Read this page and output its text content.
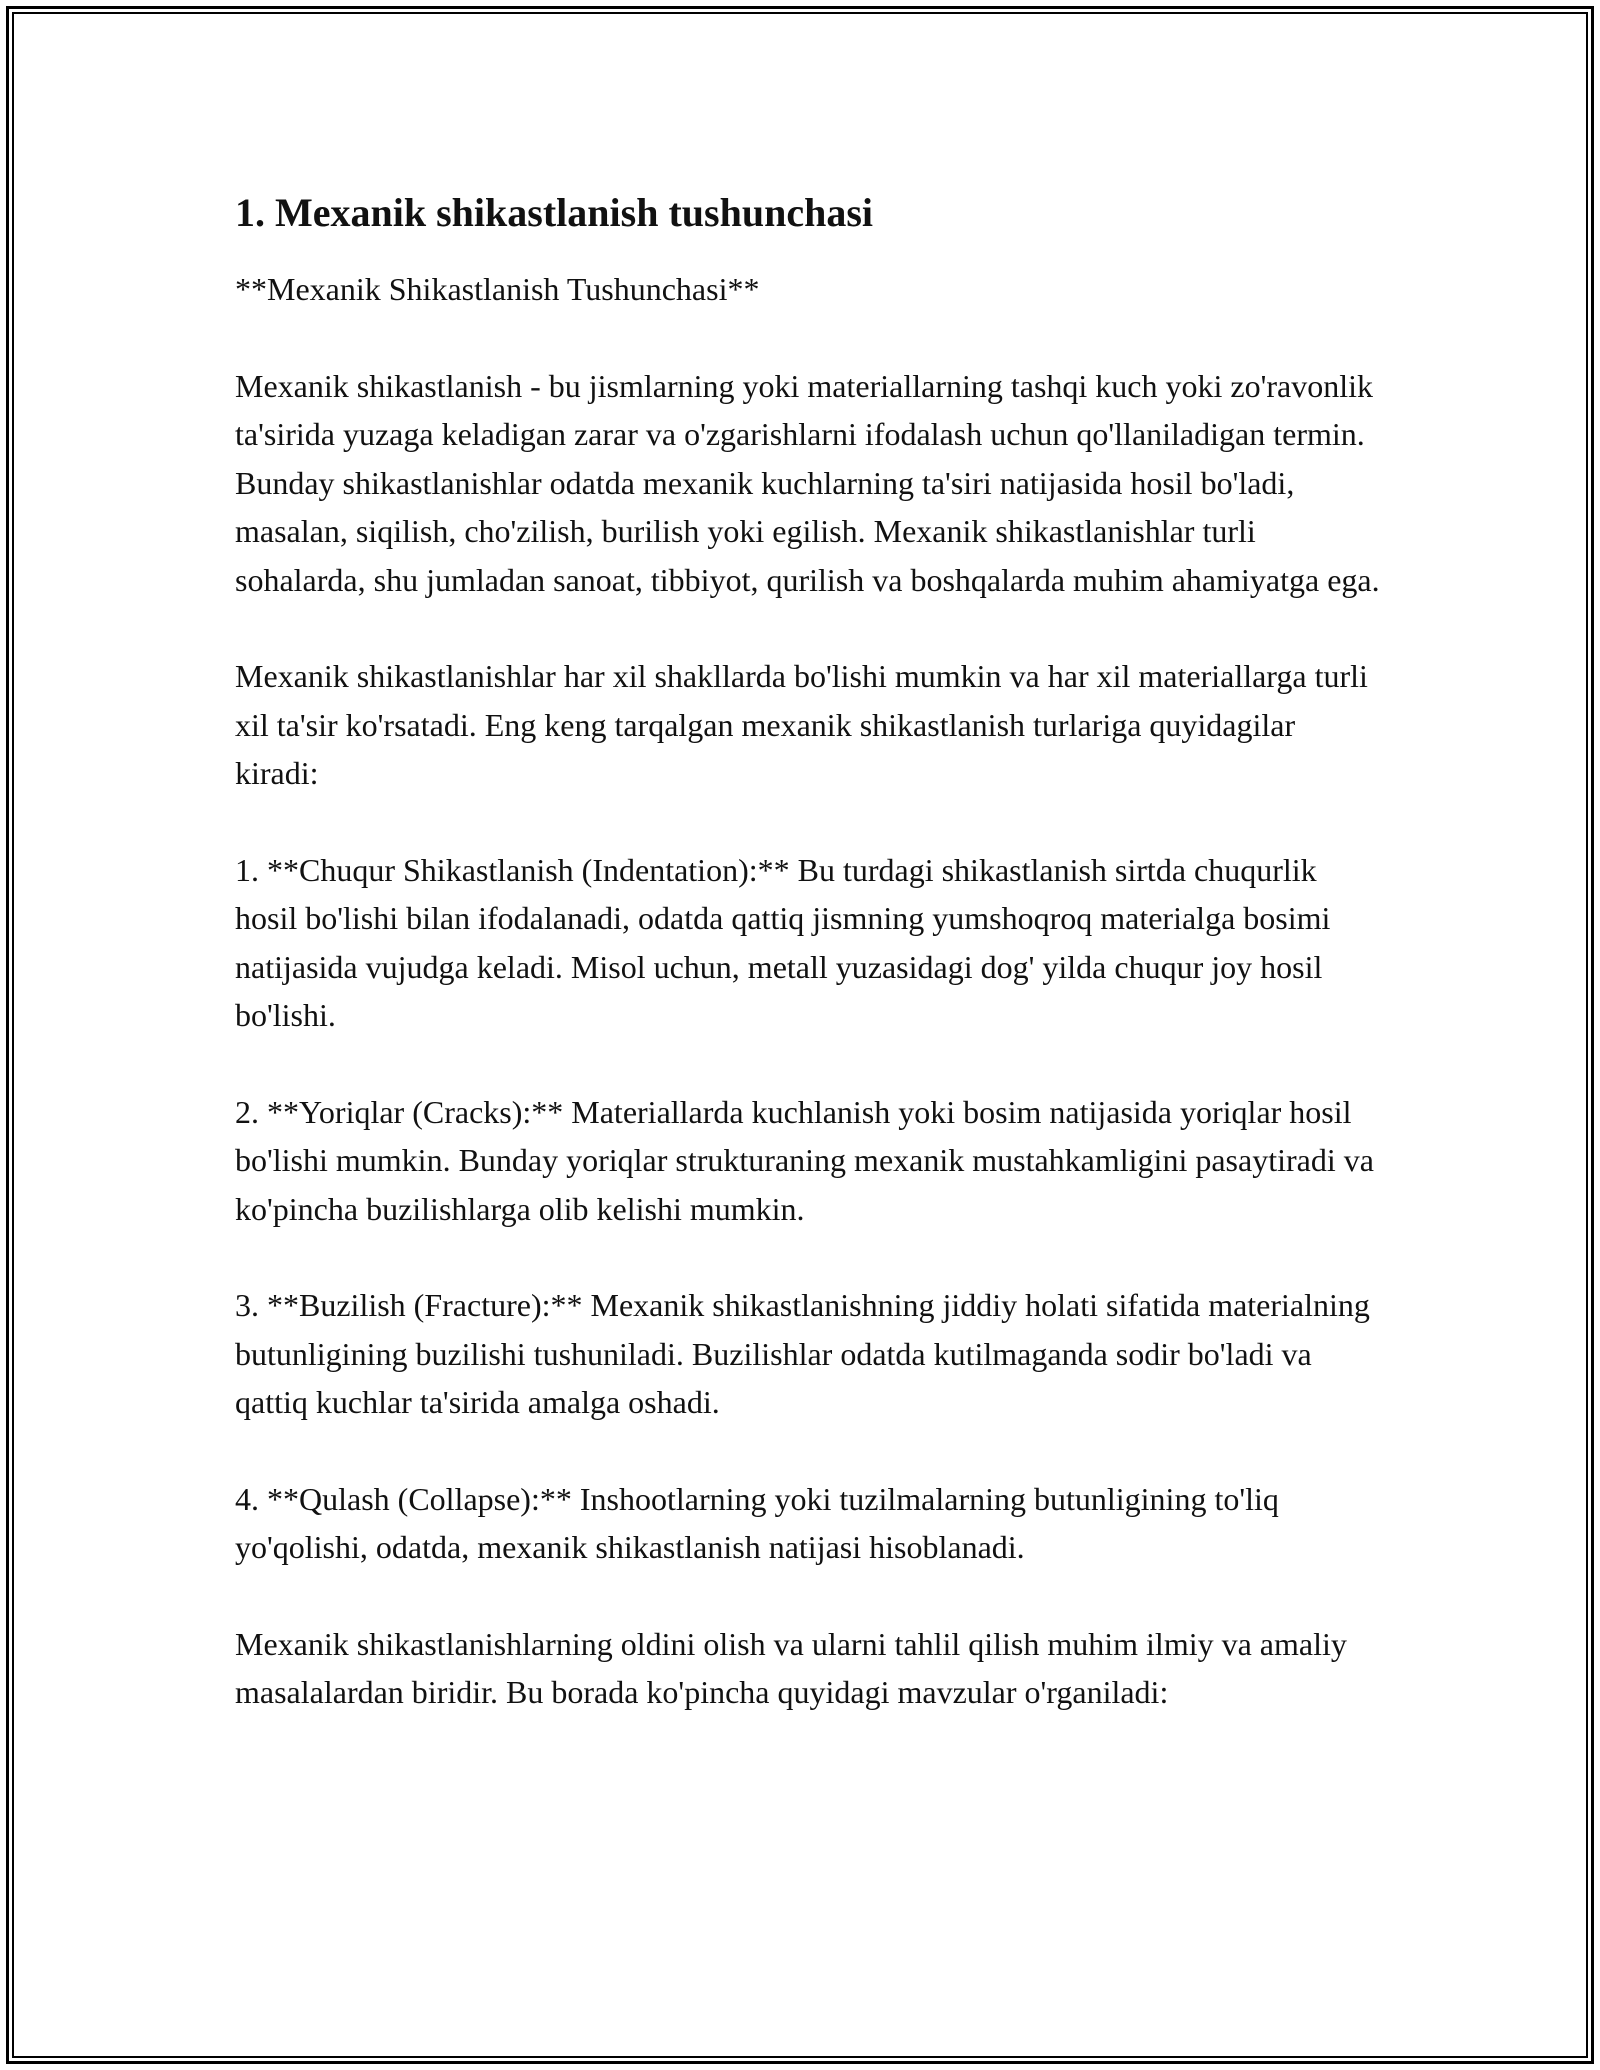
1. Mexanik shikastlanish tushunchasi

**Mexanik Shikastlanish Tushunchasi**

Mexanik shikastlanish - bu jismlarning yoki materiallarning tashqi kuch yoki zo'ravonlik ta'sirida yuzaga keladigan zarar va o'zgarishlarni ifodalash uchun qo'llaniladigan termin. Bunday shikastlanishlar odatda mexanik kuchlarning ta'siri natijasida hosil bo'ladi, masalan, siqilish, cho'zilish, burilish yoki egilish. Mexanik shikastlanishlar turli sohalarda, shu jumladan sanoat, tibbiyot, qurilish va boshqalarda muhim ahamiyatga ega.

Mexanik shikastlanishlar har xil shakllarda bo'lishi mumkin va har xil materiallarga turli xil ta'sir ko'rsatadi. Eng keng tarqalgan mexanik shikastlanish turlariga quyidagilar kiradi:

1. **Chuqur Shikastlanish (Indentation):** Bu turdagi shikastlanish sirtda chuqurlik hosil bo'lishi bilan ifodalanadi, odatda qattiq jismning yumshoqroq materialga bosimi natijasida vujudga keladi. Misol uchun, metall yuzasidagi dog' yilda chuqur joy hosil bo'lishi.

2. **Yoriqlar (Cracks):** Materiallarda kuchlanish yoki bosim natijasida yoriqlar hosil bo'lishi mumkin. Bunday yoriqlar strukturaning mexanik mustahkamligini pasaytiradi va ko'pincha buzilishlarga olib kelishi mumkin.

3. **Buzilish (Fracture):** Mexanik shikastlanishning jiddiy holati sifatida materialning butunligining buzilishi tushuniladi. Buzilishlar odatda kutilmaganda sodir bo'ladi va qattiq kuchlar ta'sirida amalga oshadi.

4. **Qulash (Collapse):** Inshootlarning yoki tuzilmalarning butunligining to'liq yo'qolishi, odatda, mexanik shikastlanish natijasi hisoblanadi.

Mexanik shikastlanishlarning oldini olish va ularni tahlil qilish muhim ilmiy va amaliy masalalardan biridir. Bu borada ko'pincha quyidagi mavzular o'rganiladi:
